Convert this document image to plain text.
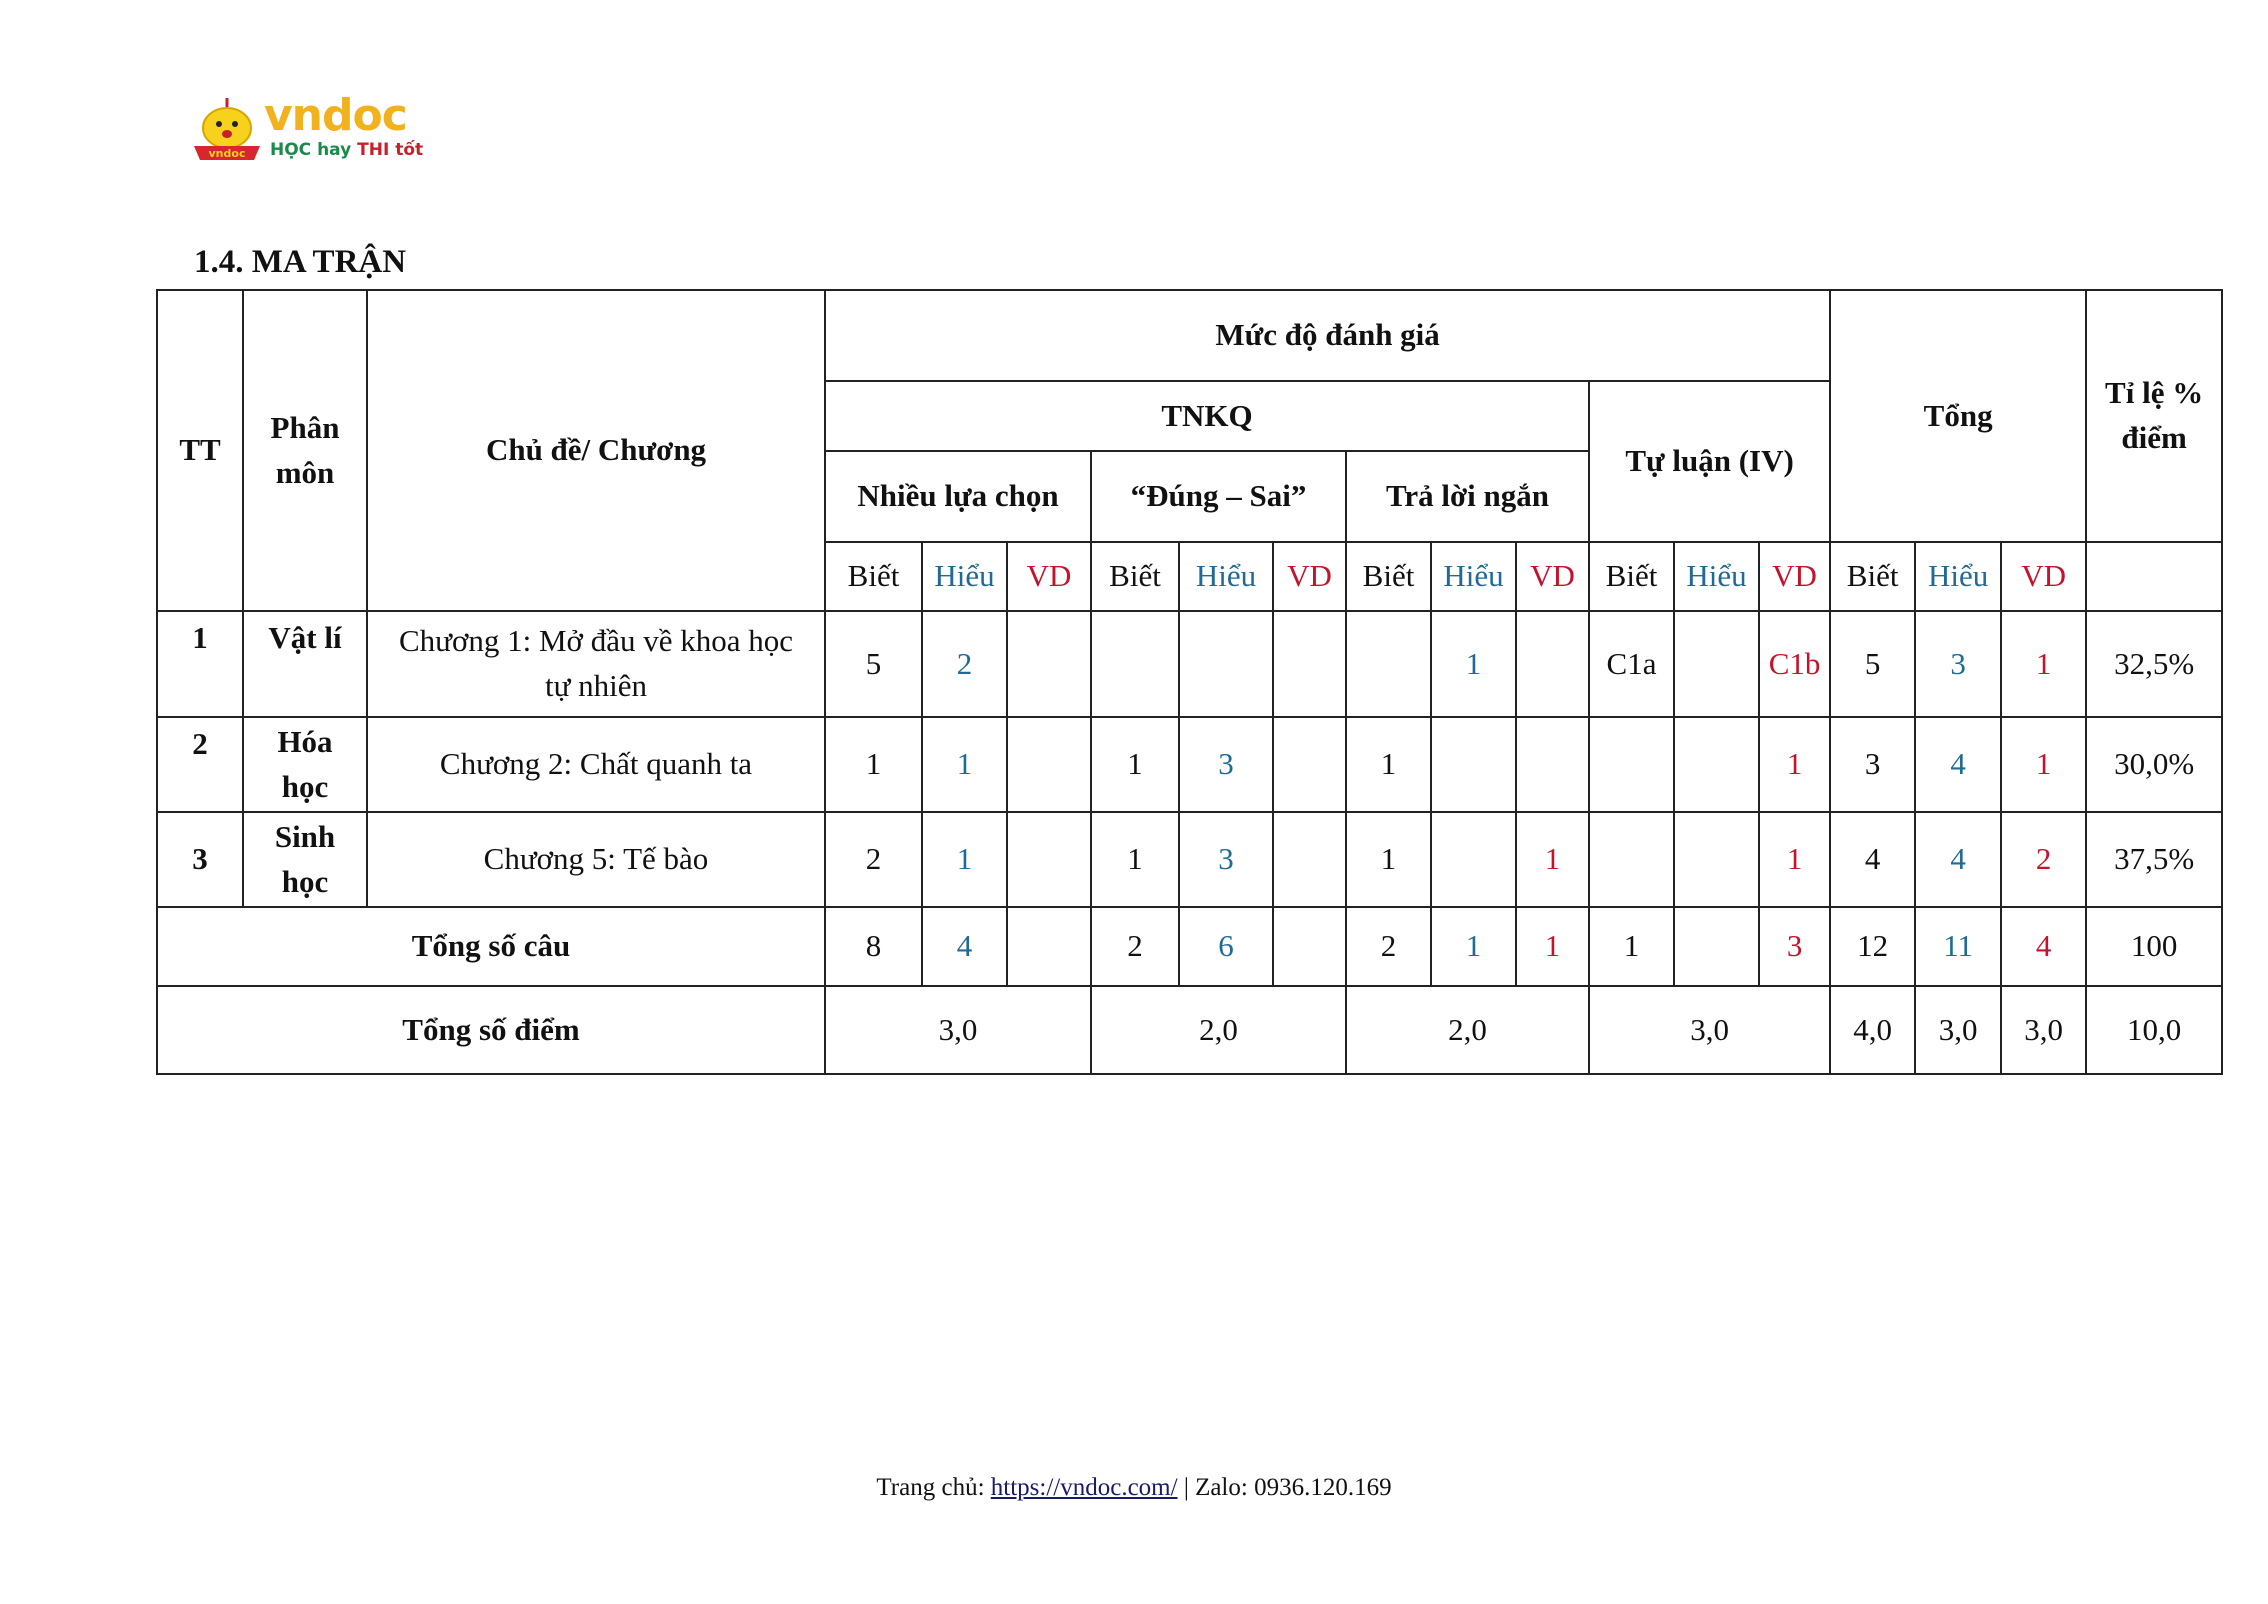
vndoc
vndoc
HỌC hay THI tốt
1.4. MA TRẬN
TT	Phân môn	Chủ đề/ Chương	Mức độ đánh giá												Tổng			Tỉ lệ % điểm
			TNKQ									Tự luận (IV)						
			Nhiều lựa chọn			“Đúng – Sai”			Trả lời ngắn									
			Biết	Hiểu	VD	Biết	Hiểu	VD	Biết	Hiểu	VD	Biết	Hiểu	VD	Biết	Hiểu	VD	
1	Vật lí	Chương 1: Mở đầu về khoa học tự nhiên	5	2						1		C1a		C1b	5	3	1	32,5%
2	Hóa học	Chương 2: Chất quanh ta	1	1		1	3		1					1	3	4	1	30,0%
3	Sinh học	Chương 5: Tế bào	2	1		1	3		1		1			1	4	4	2	37,5%
Tổng số câu			8	4		2	6		2	1	1	1		3	12	11	4	100
Tổng số điểm			3,0			2,0			2,0			3,0			4,0	3,0	3,0	10,0
Trang chủ: https://vndoc.com/ | Zalo: 0936.120.169
